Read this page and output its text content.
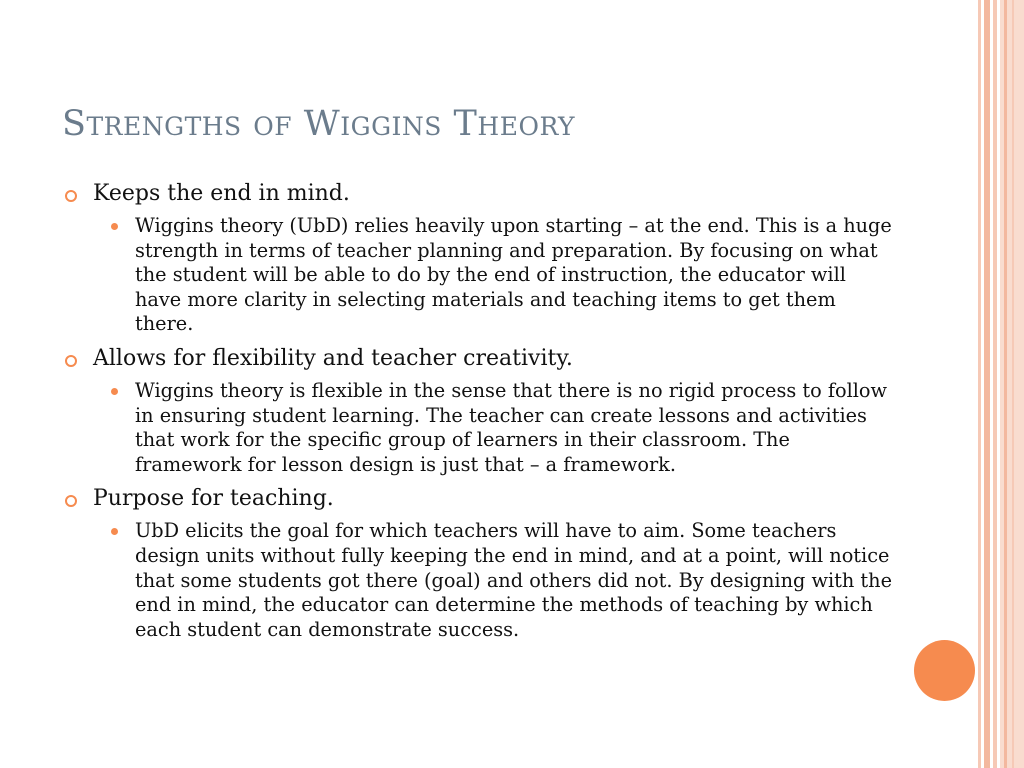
Strengths of Wiggins Theory
Keeps the end in mind.
Wiggins theory (UbD) relies heavily upon starting – at the end. This is a huge strength in terms of teacher planning and preparation. By focusing on what the student will be able to do by the end of instruction, the educator will have more clarity in selecting materials and teaching items to get them there.
Allows for flexibility and teacher creativity.
Wiggins theory is flexible in the sense that there is no rigid process to follow in ensuring student learning. The teacher can create lessons and activities that work for the specific group of learners in their classroom. The framework for lesson design is just that – a framework.
Purpose for teaching.
UbD elicits the goal for which teachers will have to aim. Some teachers design units without fully keeping the end in mind, and at a point, will notice that some students got there (goal) and others did not. By designing with the end in mind, the educator can determine the methods of teaching by which each student can demonstrate success.
